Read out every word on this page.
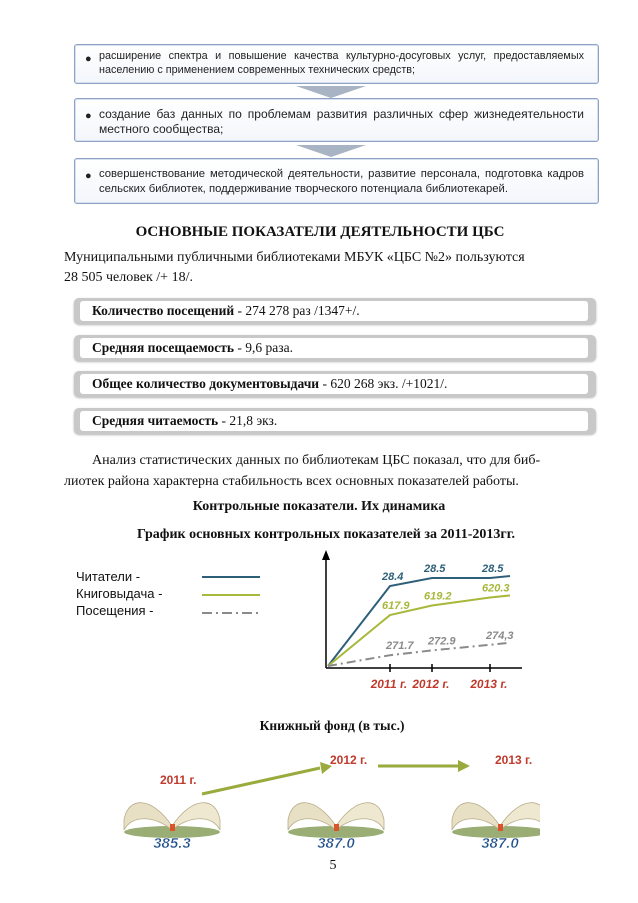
● расширение спектра и повышение качества культурно-досуговых услуг, предоставляемых населению с применением современных технических средств;
● создание баз данных по проблемам развития различных сфер жизнедеятельности местного сообщества;
● совершенствование методической деятельности, развитие персонала, подготовка кадров сельских библиотек, поддерживание творческого потенциала библиотекарей.
ОСНОВНЫЕ ПОКАЗАТЕЛИ ДЕЯТЕЛЬНОСТИ ЦБС
Муниципальными публичными библиотеками МБУК «ЦБС №2» пользуются
28 505 человек /+ 18/.
Количество посещений - 274 278 раз /1347+/.
Средняя посещаемость - 9,6 раза.
Общее количество документовыдачи - 620 268 экз. /+1021/.
Средняя читаемость - 21,8 экз.
Анализ статистических данных по библиотекам ЦБС показал, что для биб-
лиотек района характерна стабильность всех основных показателей работы.
Контрольные показатели. Их динамика
График основных контрольных показателей за 2011-2013гг.
Читатели -
Книговыдача -
Посещения -
2011 г. 2012 г. 2013 г.
28.4
28.5	28.5
617.9
619.2
620.3
271.7 272.9	274,3
Книжный фонд (в тыс.)
2011 г.
385.3
2012 г.
387.0
2013 г.
387.0
5
